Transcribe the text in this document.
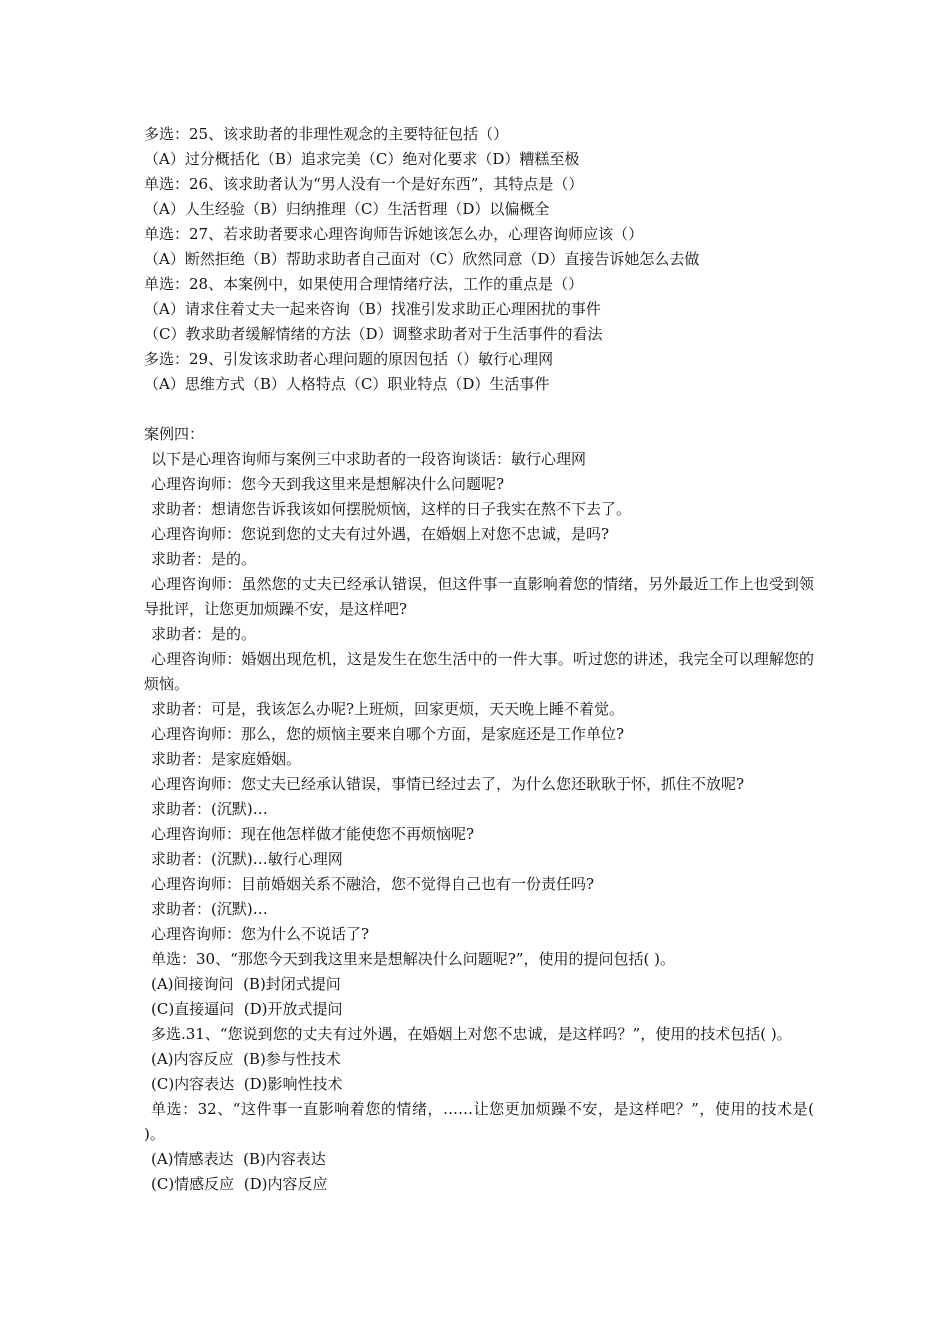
多选：25、该求助者的非理性观念的主要特征包括（）
（A）过分概括化（B）追求完美（C）绝对化要求（D）糟糕至极
单选：26、该求助者认为“男人没有一个是好东西”，其特点是（）
（A）人生经验（B）归纳推理（C）生活哲理（D）以偏概全
单选：27、若求助者要求心理咨询师告诉她该怎么办，心理咨询师应该（）
（A）断然拒绝（B）帮助求助者自己面对（C）欣然同意（D）直接告诉她怎么去做
单选：28、本案例中，如果使用合理情绪疗法，工作的重点是（）
（A）请求住着丈夫一起来咨询（B）找准引发求助正心理困扰的事件
（C）教求助者缓解情绪的方法（D）调整求助者对于生活事件的看法
多选：29、引发该求助者心理问题的原因包括（）敏行心理网
（A）思维方式（B）人格特点（C）职业特点（D）生活事件
案例四：
以下是心理咨询师与案例三中求助者的一段咨询谈话：敏行心理网
心理咨询师：您今天到我这里来是想解决什么问题呢?
求助者：想请您告诉我该如何摆脱烦恼，这样的日子我实在熬不下去了。
心理咨询师：您说到您的丈夫有过外遇，在婚姻上对您不忠诚，是吗?
求助者：是的。
心理咨询师：虽然您的丈夫已经承认错误，但这件事一直影响着您的情绪，另外最近工作上也受到领导批评，让您更加烦躁不安，是这样吧?
求助者：是的。
心理咨询师：婚姻出现危机，这是发生在您生活中的一件大事。听过您的讲述，我完全可以理解您的烦恼。
求助者：可是，我该怎么办呢?上班烦，回家更烦，天天晚上睡不着觉。
心理咨询师：那么，您的烦恼主要来自哪个方面，是家庭还是工作单位?
求助者：是家庭婚姻。
心理咨询师：您丈夫已经承认错误，事情已经过去了，为什么您还耿耿于怀，抓住不放呢?
求助者：(沉默)…
心理咨询师：现在他怎样做才能使您不再烦恼呢?
求助者：(沉默)…敏行心理网
心理咨询师：目前婚姻关系不融洽，您不觉得自己也有一份责任吗?
求助者：(沉默)…
心理咨询师：您为什么不说话了?
单选：30、“那您今天到我这里来是想解决什么问题呢?”，使用的提问包括( )。
(A)间接询问  (B)封闭式提问
(C)直接逼问  (D)开放式提问
多选.31、“您说到您的丈夫有过外遇，在婚姻上对您不忠诚，是这样吗？”，使用的技术包括( )。
(A)内容反应  (B)参与性技术
(C)内容表达  (D)影响性技术
单选：32、“这件事一直影响着您的情绪，……让您更加烦躁不安，是这样吧？”，使用的技术是( )。
(A)情感表达  (B)内容表达
(C)情感反应  (D)内容反应
